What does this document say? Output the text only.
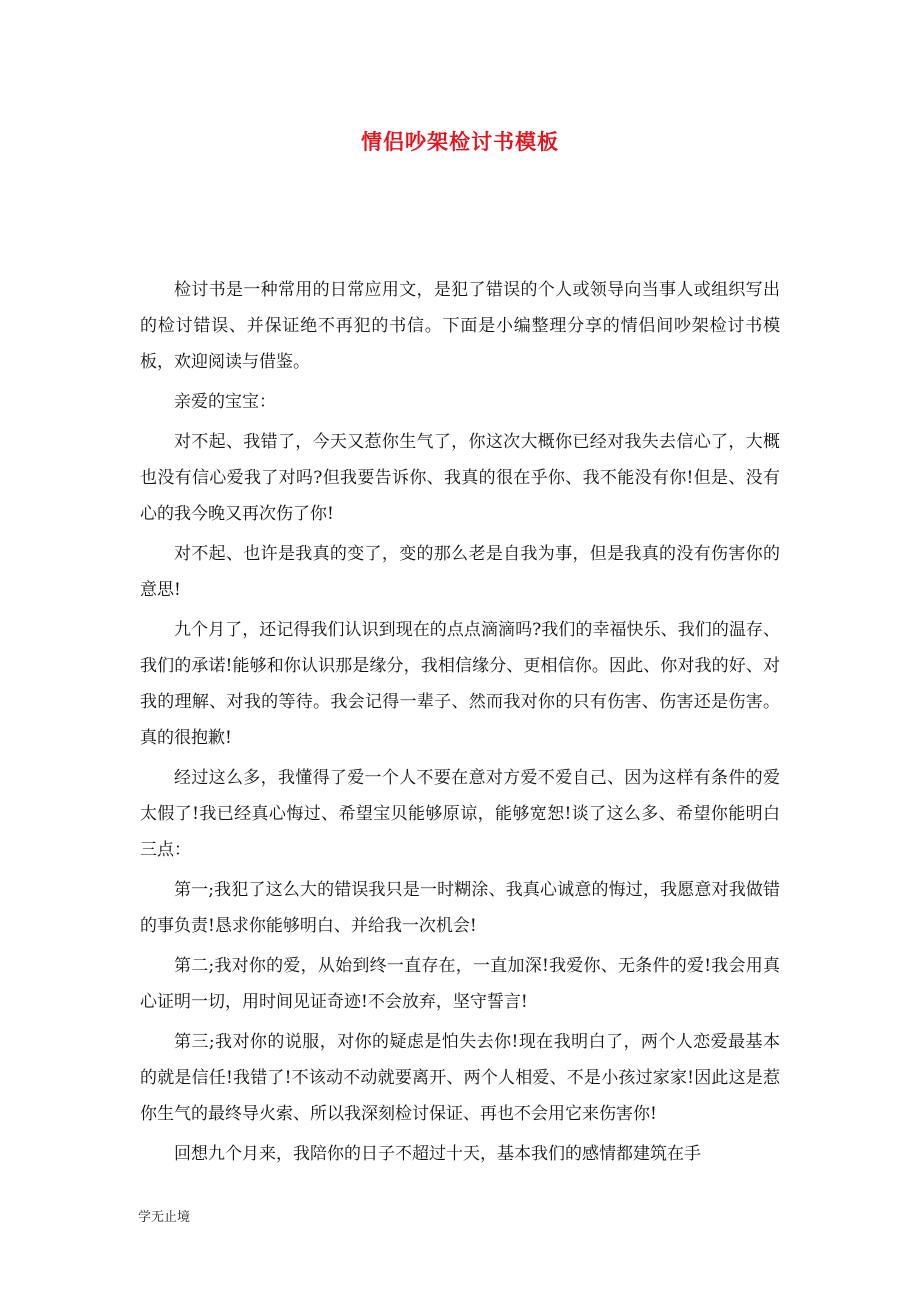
情侣吵架检讨书模板

检讨书是一种常用的日常应用文，是犯了错误的个人或领导向当事人或组织写出的检讨错误、并保证绝不再犯的书信。下面是小编整理分享的情侣间吵架检讨书模板，欢迎阅读与借鉴。

亲爱的宝宝：

对不起、我错了，今天又惹你生气了，你这次大概你已经对我失去信心了，大概也没有信心爱我了对吗?但我要告诉你、我真的很在乎你、我不能没有你!但是、没有心的我今晚又再次伤了你!

对不起、也许是我真的变了，变的那么老是自我为事，但是我真的没有伤害你的意思!

九个月了，还记得我们认识到现在的点点滴滴吗?我们的幸福快乐、我们的温存、我们的承诺!能够和你认识那是缘分，我相信缘分、更相信你。因此、你对我的好、对我的理解、对我的等待。我会记得一辈子、然而我对你的只有伤害、伤害还是伤害。真的很抱歉!

经过这么多，我懂得了爱一个人不要在意对方爱不爱自己、因为这样有条件的爱太假了!我已经真心悔过、希望宝贝能够原谅，能够宽恕!谈了这么多、希望你能明白三点：

第一;我犯了这么大的错误我只是一时糊涂、我真心诚意的悔过，我愿意对我做错的事负责!恳求你能够明白、并给我一次机会!

第二;我对你的爱，从始到终一直存在，一直加深!我爱你、无条件的爱!我会用真心证明一切，用时间见证奇迹!不会放弃，坚守誓言!

第三;我对你的说服，对你的疑虑是怕失去你!现在我明白了，两个人恋爱最基本的就是信任!我错了!不该动不动就要离开、两个人相爱、不是小孩过家家!因此这是惹你生气的最终导火索、所以我深刻检讨保证、再也不会用它来伤害你!

回想九个月来，我陪你的日子不超过十天，基本我们的感情都建筑在手

学无止境
